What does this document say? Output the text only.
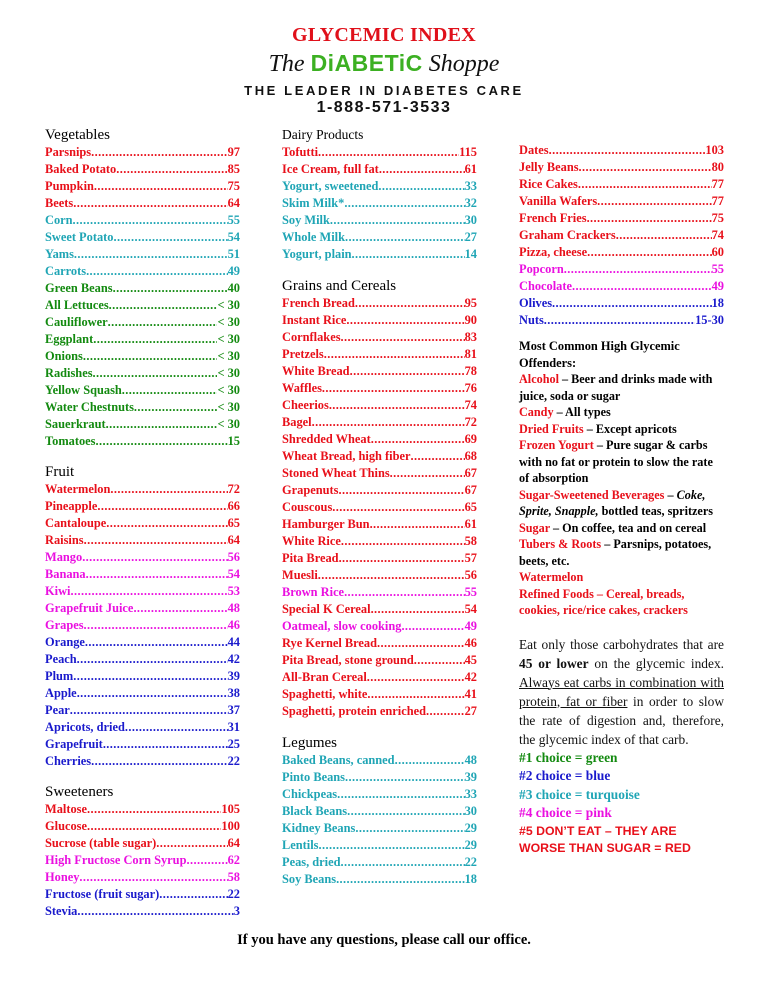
GLYCEMIC INDEX
The DiABETiC Shoppe
THE LEADER IN DIABETES CARE
1-888-571-3533
Vegetables
Parsnips .....	97
Baked Potato .....	85
Pumpkin .....	75
Beets .....	64
Corn .....	55
Sweet Potato .....	54
Yams .....	51
Carrots .....	49
Green Beans .....	40
All Lettuces .....	< 30
Cauliflower .....	< 30
Eggplant .....	< 30
Onions .....	< 30
Radishes .....	< 30
Yellow Squash .....	< 30
Water Chestnuts .....	< 30
Sauerkraut .....	< 30
Tomatoes .....	15
Fruit
Watermelon .....	72
Pineapple .....	66
Cantaloupe .....	65
Raisins .....	64
Mango .....	56
Banana .....	54
Kiwi .....	53
Grapefruit Juice .....	48
Grapes .....	46
Orange .....	44
Peach .....	42
Plum .....	39
Apple .....	38
Pear .....	37
Apricots, dried .....	31
Grapefruit .....	25
Cherries .....	22
Sweeteners
Maltose .....	105
Glucose .....	100
Sucrose (table sugar) .....	64
High Fructose Corn Syrup .....	62
Honey .....	58
Fructose (fruit sugar) .....	22
Stevia .....	3
Dairy Products
Tofutti .....	115
Ice Cream, full fat .....	61
Yogurt, sweetened .....	33
Skim Milk* .....	32
Soy Milk .....	30
Whole Milk .....	27
Yogurt, plain .....	14
Grains and Cereals
French Bread .....	95
Instant Rice .....	90
Cornflakes .....	83
Pretzels .....	81
White Bread .....	78
Waffles .....	76
Cheerios .....	74
Bagel .....	72
Shredded Wheat .....	69
Wheat Bread, high fiber .....	68
Stoned Wheat Thins .....	67
Grapenuts .....	67
Couscous .....	65
Hamburger Bun .....	61
White Rice .....	58
Pita Bread .....	57
Muesli .....	56
Brown Rice .....	55
Special K Cereal .....	54
Oatmeal, slow cooking .....	49
Rye Kernel Bread .....	46
Pita Bread, stone ground .....	45
All-Bran Cereal .....	42
Spaghetti, white .....	41
Spaghetti, protein enriched .....	27
Legumes
Baked Beans, canned .....	48
Pinto Beans .....	39
Chickpeas .....	33
Black Beans .....	30
Kidney Beans .....	29
Lentils .....	29
Peas, dried .....	22
Soy Beans .....	18
Dates .....	103
Jelly Beans .....	80
Rice Cakes .....	77
Vanilla Wafers .....	77
French Fries .....	75
Graham Crackers .....	74
Pizza, cheese .....	60
Popcorn .....	55
Chocolate .....	49
Olives .....	18
Nuts .....	15-30
Most Common High Glycemic Offenders:
Alcohol – Beer and drinks made with juice, soda or sugar
Candy – All types
Dried Fruits – Except apricots
Frozen Yogurt – Pure sugar & carbs with no fat or protein to slow the rate of absorption
Sugar-Sweetened Beverages – Coke, Sprite, Snapple, bottled teas, spritzers
Sugar – On coffee, tea and on cereal
Tubers & Roots – Parsnips, potatoes, beets, etc.
Watermelon
Refined Foods – Cereal, breads, cookies, rice/rice cakes, crackers
Eat only those carbohydrates that are 45 or lower on the glycemic index. Always eat carbs in combination with protein, fat or fiber in order to slow the rate of digestion and, therefore, the glycemic index of that carb.
#1 choice = green
#2 choice = blue
#3 choice = turquoise
#4 choice = pink
#5 DON’T EAT – THEY ARE WORSE THAN SUGAR = RED
If you have any questions, please call our office.
